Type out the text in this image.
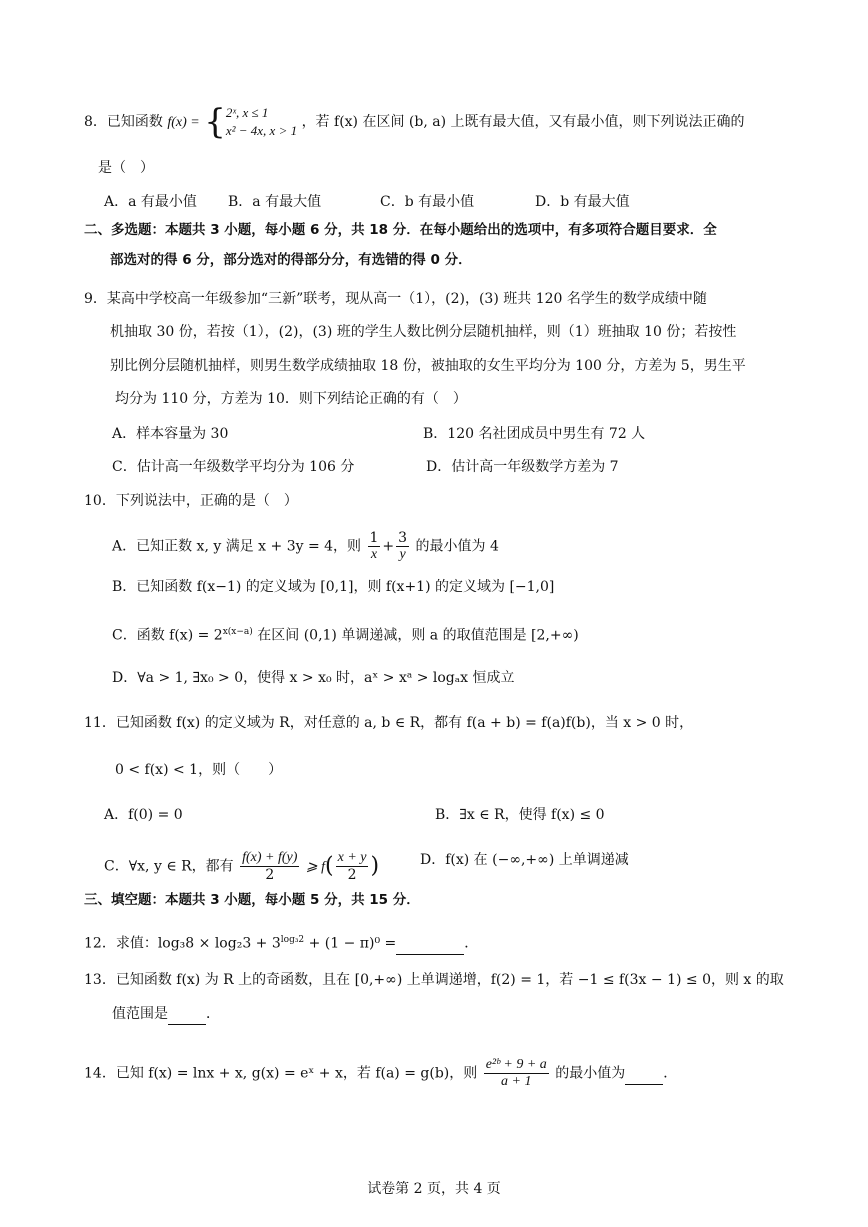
8．已知函数 f(x) = { 2ˣ, x ≤ 1
x² − 4x, x > 1
，若 f(x) 在区间 (b, a) 上既有最大值，又有最小值，则下列说法正确的
是（　）
A．a 有最小值 B．a 有最大值	C．b 有最小值	D．b 有最大值
二、多选题：本题共 3 小题，每小题 6 分，共 18 分．在每小题给出的选项中，有多项符合题目要求．全
部选对的得 6 分，部分选对的得部分分，有选错的得 0 分．
9．某高中学校高一年级参加“三新”联考，现从高一（1），(2)，(3) 班共 120 名学生的数学成绩中随
机抽取 30 份，若按（1），(2)，(3) 班的学生人数比例分层随机抽样，则（1）班抽取 10 份；若按性
别比例分层随机抽样，则男生数学成绩抽取 18 份，被抽取的女生平均分为 100 分，方差为 5，男生平
均分为 110 分，方差为 10．则下列结论正确的有（　）
A．样本容量为 30	B．120 名社团成员中男生有 72 人
C．估计高一年级数学平均分为 106 分	D．估计高一年级数学方差为 7
10．下列说法中，正确的是（　）
A．已知正数 x, y 满足 x + 3y = 4，则 $\frac{1}{x} + \frac{3}{y}$ 的最小值为 4
B．已知函数 f(x−1) 的定义域为 [0,1]，则 f(x+1) 的定义域为 [−1,0]
C．函数 $f(x) = 2^{x(x-a)}$ 在区间 (0,1) 单调递减，则 a 的取值范围是 [2,+∞)
D．∀a > 1, ∃x₀ > 0，使得 x > x₀ 时，aˣ > xᵃ > logₐx 恒成立
11．已知函数 f(x) 的定义域为 R，对任意的 a, b ∈ R，都有 f(a + b) = f(a)f(b)，当 x > 0 时，
0 < f(x) < 1，则（　　）
A．f(0) = 0	B．∃x ∈ R，使得 f(x) ≤ 0
C．∀x, y ∈ R，都有 $\frac{f(x) + f(y)}{2}$ ⩾ $f( \frac{x + y}{2}$ )	D．f(x) 在 (−∞,+∞) 上单调递减
三、填空题：本题共 3 小题，每小题 5 分，共 15 分．
12．求值：$\log_38 \times \log_23 + 3^{log_32} + (1 - \pi)^0$ =	．
13．已知函数 f(x) 为 R 上的奇函数，且在 [0,+∞) 上单调递增，f(2) = 1，若 −1 ≤ f(3x − 1) ≤ 0，则 x 的取
值范围是	．
14．已知 f(x) = lnx + x, g(x) = eˣ + x，若 f(a) = g(b)，则 $\frac{\text{e²ᵇ + 9 + a}}{a + 1}$ 的最小值为	．
试卷第 2 页，共 4 页
